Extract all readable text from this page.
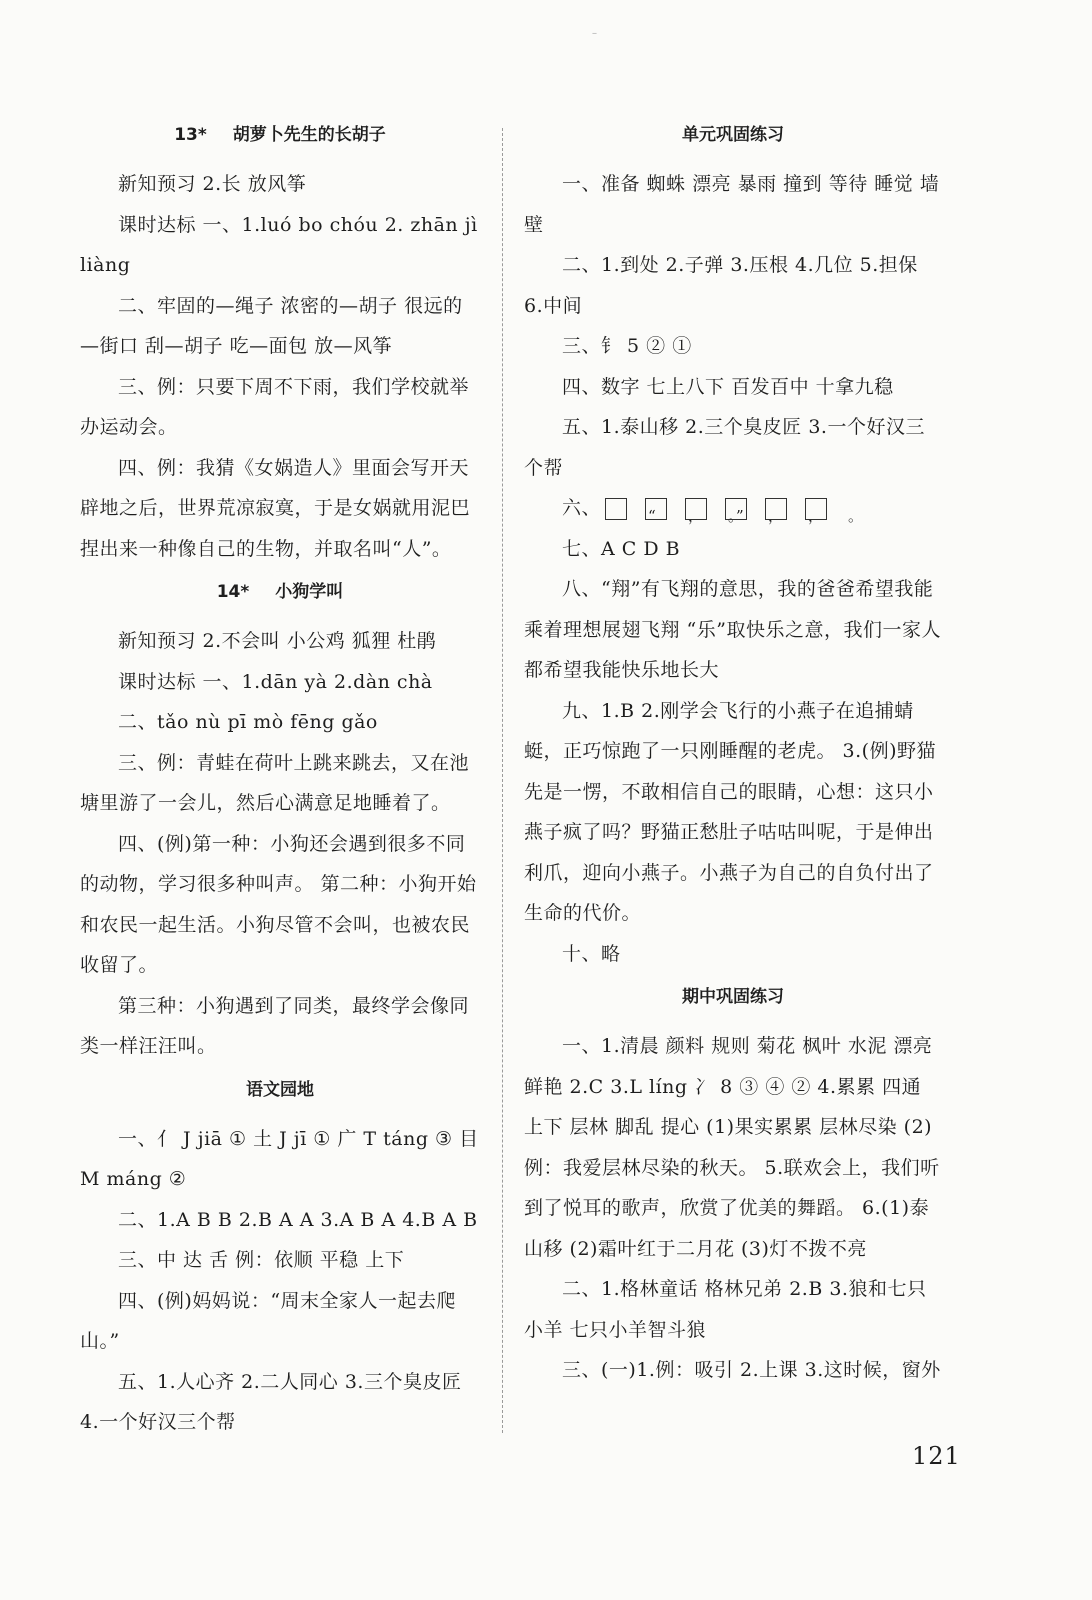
–
13* 胡萝卜先生的长胡子

新知预习 2.长 放风筝

课时达标 一、1.luó bo chóu 2. zhān jì liàng

二、牢固的—绳子 浓密的—胡子 很远的—街口 刮—胡子 吃—面包 放—风筝

三、例：只要下周不下雨，我们学校就举办运动会。

四、例：我猜《女娲造人》里面会写开天辟地之后，世界荒凉寂寞，于是女娲就用泥巴捏出来一种像自己的生物，并取名叫“人”。

14* 小狗学叫

新知预习 2.不会叫 小公鸡 狐狸 杜鹃

课时达标 一、1.dān yà 2.dàn chà

二、tǎo nù pī mò fēng gǎo

三、例：青蛙在荷叶上跳来跳去，又在池塘里游了一会儿，然后心满意足地睡着了。

四、(例)第一种：小狗还会遇到很多不同的动物，学习很多种叫声。 第二种：小狗开始和农民一起生活。小狗尽管不会叫，也被农民收留了。

第三种：小狗遇到了同类，最终学会像同类一样汪汪叫。

语文园地

一、亻 J jiā ① 土 J jī ① 广 T táng ③ 目 M máng ②

二、1.A B B 2.B A A 3.A B A 4.B A B

三、中 达 舌 例：依顺 平稳 上下

四、(例)妈妈说：“周末全家人一起去爬山。”

五、1.人心齐 2.二人同心 3.三个臭皮匠 4.一个好汉三个帮

单元巩固练习

一、准备 蜘蛛 漂亮 暴雨 撞到 等待 睡觉 墙壁

二、1.到处 2.子弹 3.压根 4.几位 5.担保 6.中间

三、钅 5 ② ①

四、数字 七上八下 百发百中 十拿九稳

五、1.泰山移 2.三个臭皮匠 3.一个好汉三个帮

六、	“	，	。”	，	，	。

七、A C D B

八、“翔”有飞翔的意思，我的爸爸希望我能乘着理想展翅飞翔 “乐”取快乐之意，我们一家人都希望我能快乐地长大

九、1.B 2.刚学会飞行的小燕子在追捕蜻蜓，正巧惊跑了一只刚睡醒的老虎。 3.(例)野猫先是一愣，不敢相信自己的眼睛，心想：这只小燕子疯了吗？野猫正愁肚子咕咕叫呢，于是伸出利爪，迎向小燕子。小燕子为自己的自负付出了生命的代价。

十、略

期中巩固练习

一、1.清晨 颜料 规则 菊花 枫叶 水泥 漂亮 鲜艳 2.C 3.L líng 冫 8 ③ ④ ② 4.累累 四通 上下 层林 脚乱 提心 (1)果实累累 层林尽染 (2)例：我爱层林尽染的秋天。 5.联欢会上，我们听到了悦耳的歌声，欣赏了优美的舞蹈。 6.(1)泰山移 (2)霜叶红于二月花 (3)灯不拨不亮

二、1.格林童话 格林兄弟 2.B 3.狼和七只小羊 七只小羊智斗狼

三、(一)1.例：吸引 2.上课 3.这时候，窗外

121
